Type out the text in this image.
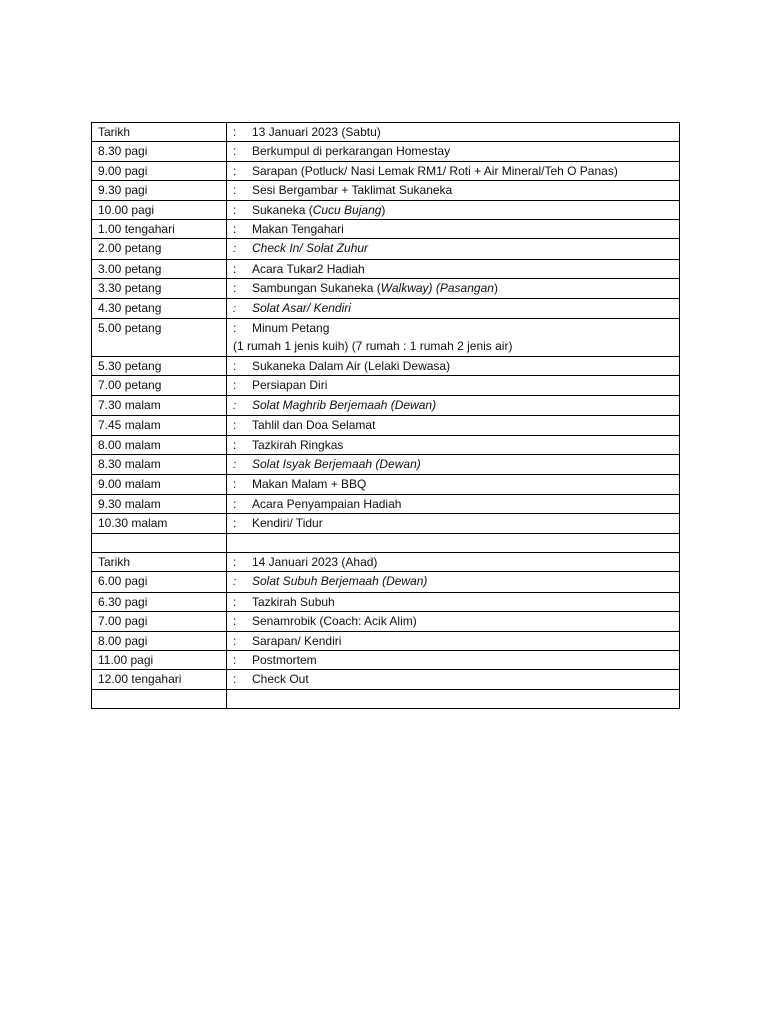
Tarikh	: 13 Januari 2023 (Sabtu)
8.30 pagi	: Berkumpul di perkarangan Homestay
9.00 pagi	: Sarapan (Potluck/ Nasi Lemak RM1/ Roti + Air Mineral/Teh O Panas)
9.30 pagi	: Sesi Bergambar + Taklimat Sukaneka
10.00 pagi	: Sukaneka (Cucu Bujang)
1.00 tengahari	: Makan Tengahari
2.00 petang	: Check In/ Solat Zuhur
3.00 petang	: Acara Tukar2 Hadiah
3.30 petang	: Sambungan Sukaneka (Walkway) (Pasangan)
4.30 petang	: Solat Asar/ Kendiri
5.00 petang	: Minum Petang
(1 rumah 1 jenis kuih) (7 rumah : 1 rumah 2 jenis air)

5.30 petang	: Sukaneka Dalam Air (Lelaki Dewasa)
7.00 petang	: Persiapan Diri
7.30 malam	: Solat Maghrib Berjemaah (Dewan)
7.45 malam	: Tahlil dan Doa Selamat
8.00 malam	: Tazkirah Ringkas
8.30 malam	: Solat Isyak Berjemaah (Dewan)
9.00 malam	: Makan Malam + BBQ
9.30 malam	: Acara Penyampaian Hadiah
10.30 malam	: Kendiri/ Tidur

Tarikh	: 14 Januari 2023 (Ahad)
6.00 pagi	: Solat Subuh Berjemaah (Dewan)
6.30 pagi	: Tazkirah Subuh
7.00 pagi	: Senamrobik (Coach: Acik Alim)
8.00 pagi	: Sarapan/ Kendiri
11.00 pagi	: Postmortem
12.00 tengahari	: Check Out
